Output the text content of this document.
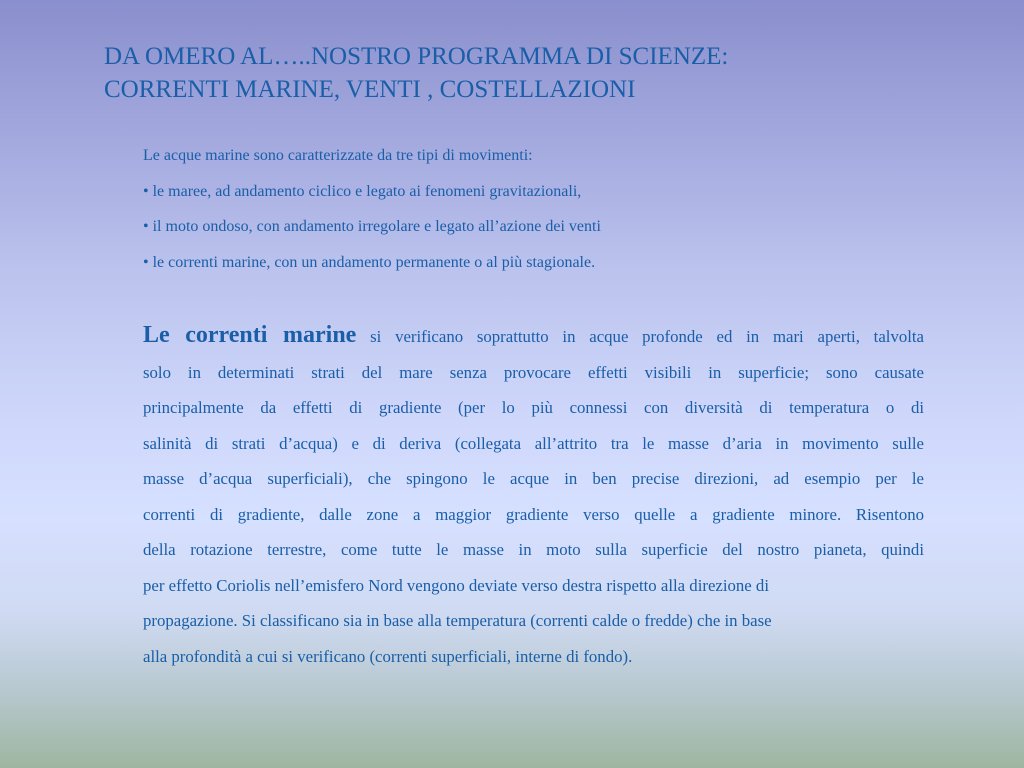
DA OMERO AL…..NOSTRO PROGRAMMA DI SCIENZE:
CORRENTI MARINE, VENTI , COSTELLAZIONI

Le acque marine sono caratterizzate da tre tipi di movimenti:

• le maree, ad andamento ciclico e legato ai fenomeni gravitazionali,

• il moto ondoso, con andamento irregolare e legato all’azione dei venti

• le correnti marine, con un andamento permanente o al più stagionale.

Le correnti marine si verificano soprattutto in acque profonde ed in mari aperti, talvolta
solo in determinati strati del mare senza provocare effetti visibili in superficie; sono causate
principalmente da effetti di gradiente (per lo più connessi con diversità di temperatura o di
salinità di strati d’acqua) e di deriva (collegata all’attrito tra le masse d’aria in movimento sulle
masse d’acqua superficiali), che spingono le acque in ben precise direzioni, ad esempio per le
correnti di gradiente, dalle zone a maggior gradiente verso quelle a gradiente minore. Risentono
della rotazione terrestre, come tutte le masse in moto sulla superficie del nostro pianeta, quindi
per effetto Coriolis nell’emisfero Nord vengono deviate verso destra rispetto alla direzione di
propagazione. Si classificano sia in base alla temperatura (correnti calde o fredde) che in base
alla profondità a cui si verificano (correnti superficiali, interne di fondo).
